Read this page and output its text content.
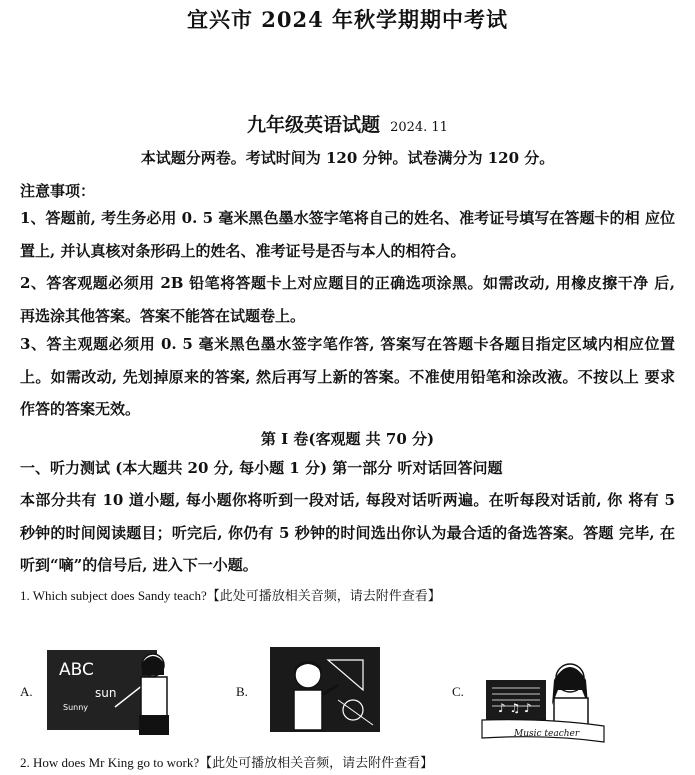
宜兴市 2024 年秋学期期中考试
九年级英语试题 2024. 11
本试题分两卷。考试时间为 120 分钟。试卷满分为 120 分。
注意事项：
1、答题前, 考生务必用 0. 5 毫米黑色墨水签字笔将自己的姓名、准考证号填写在答题卡的相 应位置上, 并认真核对条形码上的姓名、准考证号是否与本人的相符合。
2、答客观题必须用 2B 铅笔将答题卡上对应题目的正确选项涂黑。如需改动, 用橡皮擦干净 后, 再选涂其他答案。答案不能答在试题卷上。
3、答主观题必须用 0. 5 毫米黑色墨水签字笔作答, 答案写在答题卡各题目指定区域内相应位置上。如需改动, 先划掉原来的答案, 然后再写上新的答案。不准使用铅笔和涂改液。不按以上 要求作答的答案无效。
第 I 卷(客观题 共 70 分)
一、听力测试 (本大题共 20 分, 每小题 1 分) 第一部分 听对话回答问题
本部分共有 10 道小题, 每小题你将听到一段对话, 每段对话听两遍。在听每段对话前, 你 将有 5 秒钟的时间阅读题目；听完后, 你仍有 5 秒钟的时间选出你认为最合适的备选答案。答题 完毕, 在听到“嘀”的信号后, 进入下一小题。
1. Which subject does Sandy teach?【此处可播放相关音频，请去附件查看】
A.
ABC
sun
Sunny
B.	C.
♪ ♫ ♪
Music teacher
2. How does Mr King go to work?【此处可播放相关音频，请去附件查看】
